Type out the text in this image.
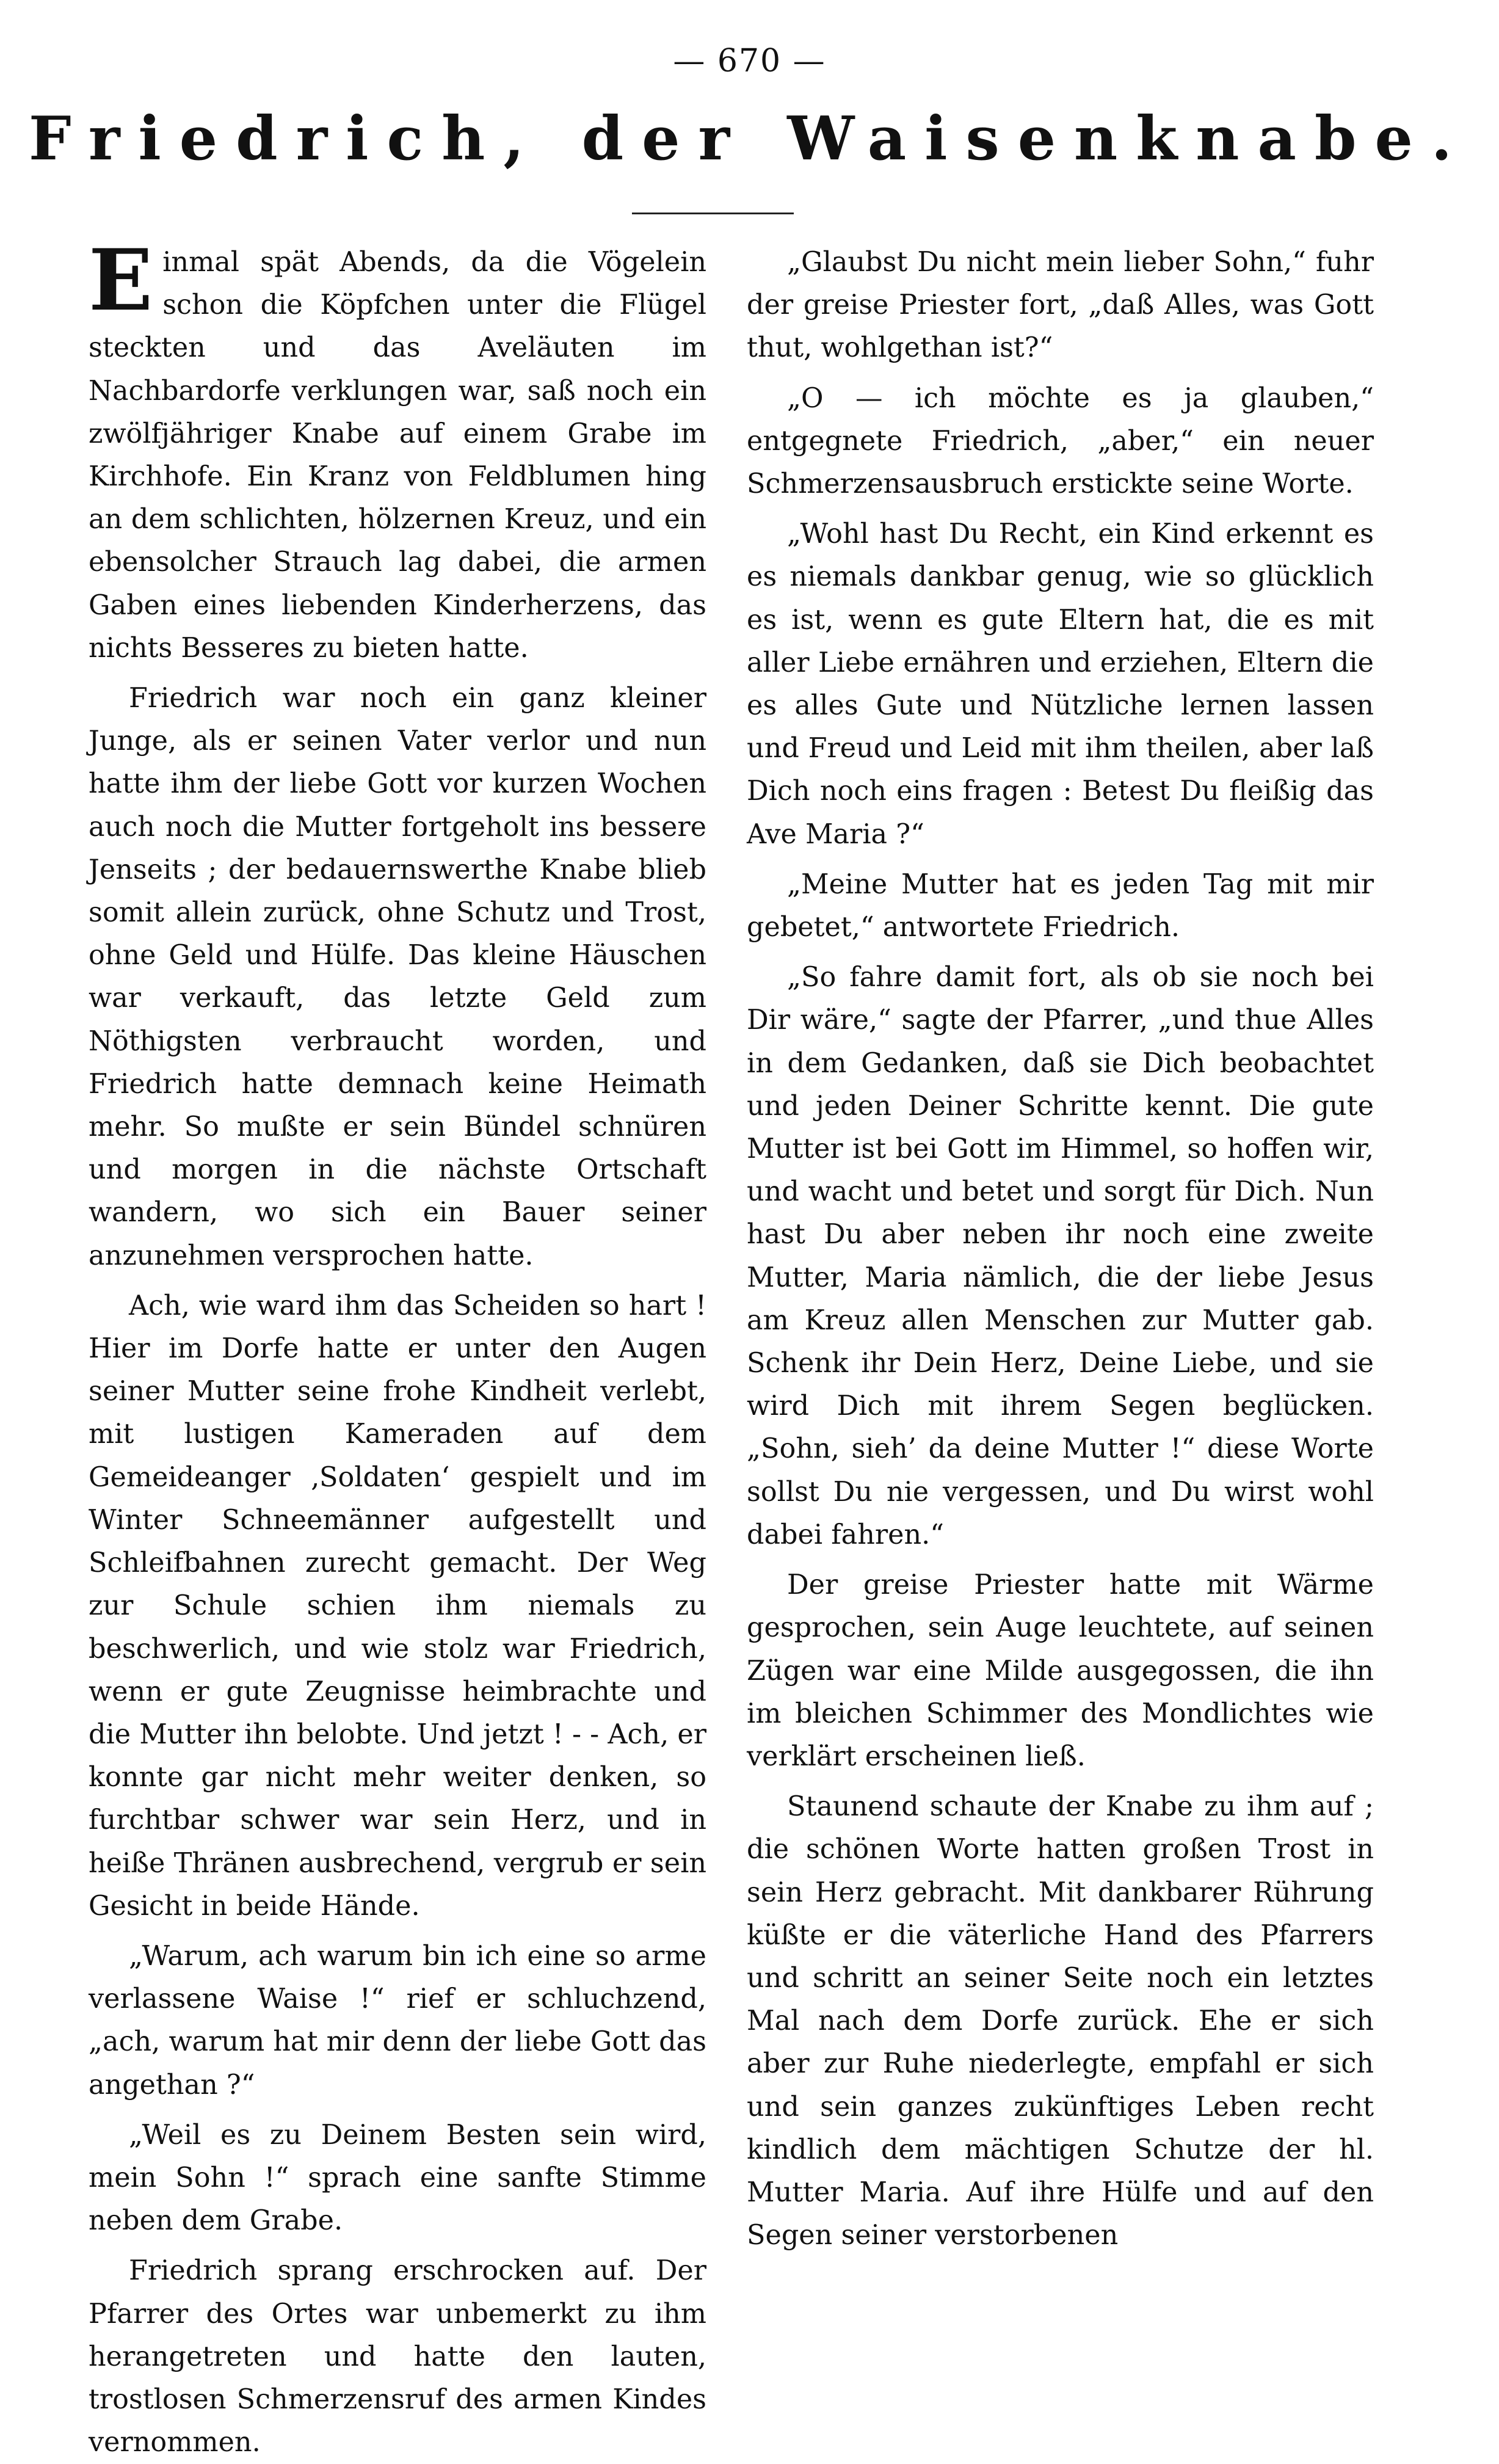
— 670 —
Friedrich, der Waisenknabe.

Einmal spät Abends, da die Vögelein schon die Köpfchen unter die Flügel steckten und das Aveläuten im Nachbardorfe verklungen war, saß noch ein zwölfjähriger Knabe auf einem Grabe im Kirchhofe. Ein Kranz von Feldblumen hing an dem schlichten, hölzernen Kreuz, und ein ebensolcher Strauch lag dabei, die armen Gaben eines liebenden Kinderherzens, das nichts Besseres zu bieten hatte.

Friedrich war noch ein ganz kleiner Junge, als er seinen Vater verlor und nun hatte ihm der liebe Gott vor kurzen Wochen auch noch die Mutter fortgeholt ins bessere Jenseits ; der bedauernswerthe Knabe blieb somit allein zurück, ohne Schutz und Trost, ohne Geld und Hülfe. Das kleine Häuschen war verkauft, das letzte Geld zum Nöthigsten verbraucht worden, und Friedrich hatte demnach keine Heimath mehr. So mußte er sein Bündel schnüren und morgen in die nächste Ortschaft wandern, wo sich ein Bauer seiner anzunehmen versprochen hatte.

Ach, wie ward ihm das Scheiden so hart ! Hier im Dorfe hatte er unter den Augen seiner Mutter seine frohe Kindheit verlebt, mit lustigen Kameraden auf dem Gemeideanger ‚Soldaten‘ gespielt und im Winter Schneemänner aufgestellt und Schleifbahnen zurecht gemacht. Der Weg zur Schule schien ihm niemals zu beschwerlich, und wie stolz war Friedrich, wenn er gute Zeugnisse heimbrachte und die Mutter ihn belobte. Und jetzt ! - - Ach, er konnte gar nicht mehr weiter denken, so furchtbar schwer war sein Herz, und in heiße Thränen ausbrechend, vergrub er sein Gesicht in beide Hände.

„Warum, ach warum bin ich eine so arme verlassene Waise !“ rief er schluchzend, „ach, warum hat mir denn der liebe Gott das angethan ?“

„Weil es zu Deinem Besten sein wird, mein Sohn !“ sprach eine sanfte Stimme neben dem Grabe.

Friedrich sprang erschrocken auf. Der Pfarrer des Ortes war unbemerkt zu ihm herangetreten und hatte den lauten, trostlosen Schmerzensruf des armen Kindes vernommen.

„Glaubst Du nicht mein lieber Sohn,“ fuhr der greise Priester fort, „daß Alles, was Gott thut, wohlgethan ist?“

„O — ich möchte es ja glauben,“ entgegnete Friedrich, „aber,“ ein neuer Schmerzensausbruch erstickte seine Worte.

„Wohl hast Du Recht, ein Kind erkennt es es niemals dankbar genug, wie so glücklich es ist, wenn es gute Eltern hat, die es mit aller Liebe ernähren und erziehen, Eltern die es alles Gute und Nützliche lernen lassen und Freud und Leid mit ihm theilen, aber laß Dich noch eins fragen : Betest Du fleißig das Ave Maria ?“

„Meine Mutter hat es jeden Tag mit mir gebetet,“ antwortete Friedrich.

„So fahre damit fort, als ob sie noch bei Dir wäre,“ sagte der Pfarrer, „und thue Alles in dem Gedanken, daß sie Dich beobachtet und jeden Deiner Schritte kennt. Die gute Mutter ist bei Gott im Himmel, so hoffen wir, und wacht und betet und sorgt für Dich. Nun hast Du aber neben ihr noch eine zweite Mutter, Maria nämlich, die der liebe Jesus am Kreuz allen Menschen zur Mutter gab. Schenk ihr Dein Herz, Deine Liebe, und sie wird Dich mit ihrem Segen beglücken. „Sohn, sieh’ da deine Mutter !“ diese Worte sollst Du nie vergessen, und Du wirst wohl dabei fahren.“

Der greise Priester hatte mit Wärme gesprochen, sein Auge leuchtete, auf seinen Zügen war eine Milde ausgegossen, die ihn im bleichen Schimmer des Mondlichtes wie verklärt erscheinen ließ.

Staunend schaute der Knabe zu ihm auf ; die schönen Worte hatten großen Trost in sein Herz gebracht. Mit dankbarer Rührung küßte er die väterliche Hand des Pfarrers und schritt an seiner Seite noch ein letztes Mal nach dem Dorfe zurück. Ehe er sich aber zur Ruhe niederlegte, empfahl er sich und sein ganzes zukünftiges Leben recht kindlich dem mächtigen Schutze der hl. Mutter Maria. Auf ihre Hülfe und auf den Segen seiner verstorbenen
